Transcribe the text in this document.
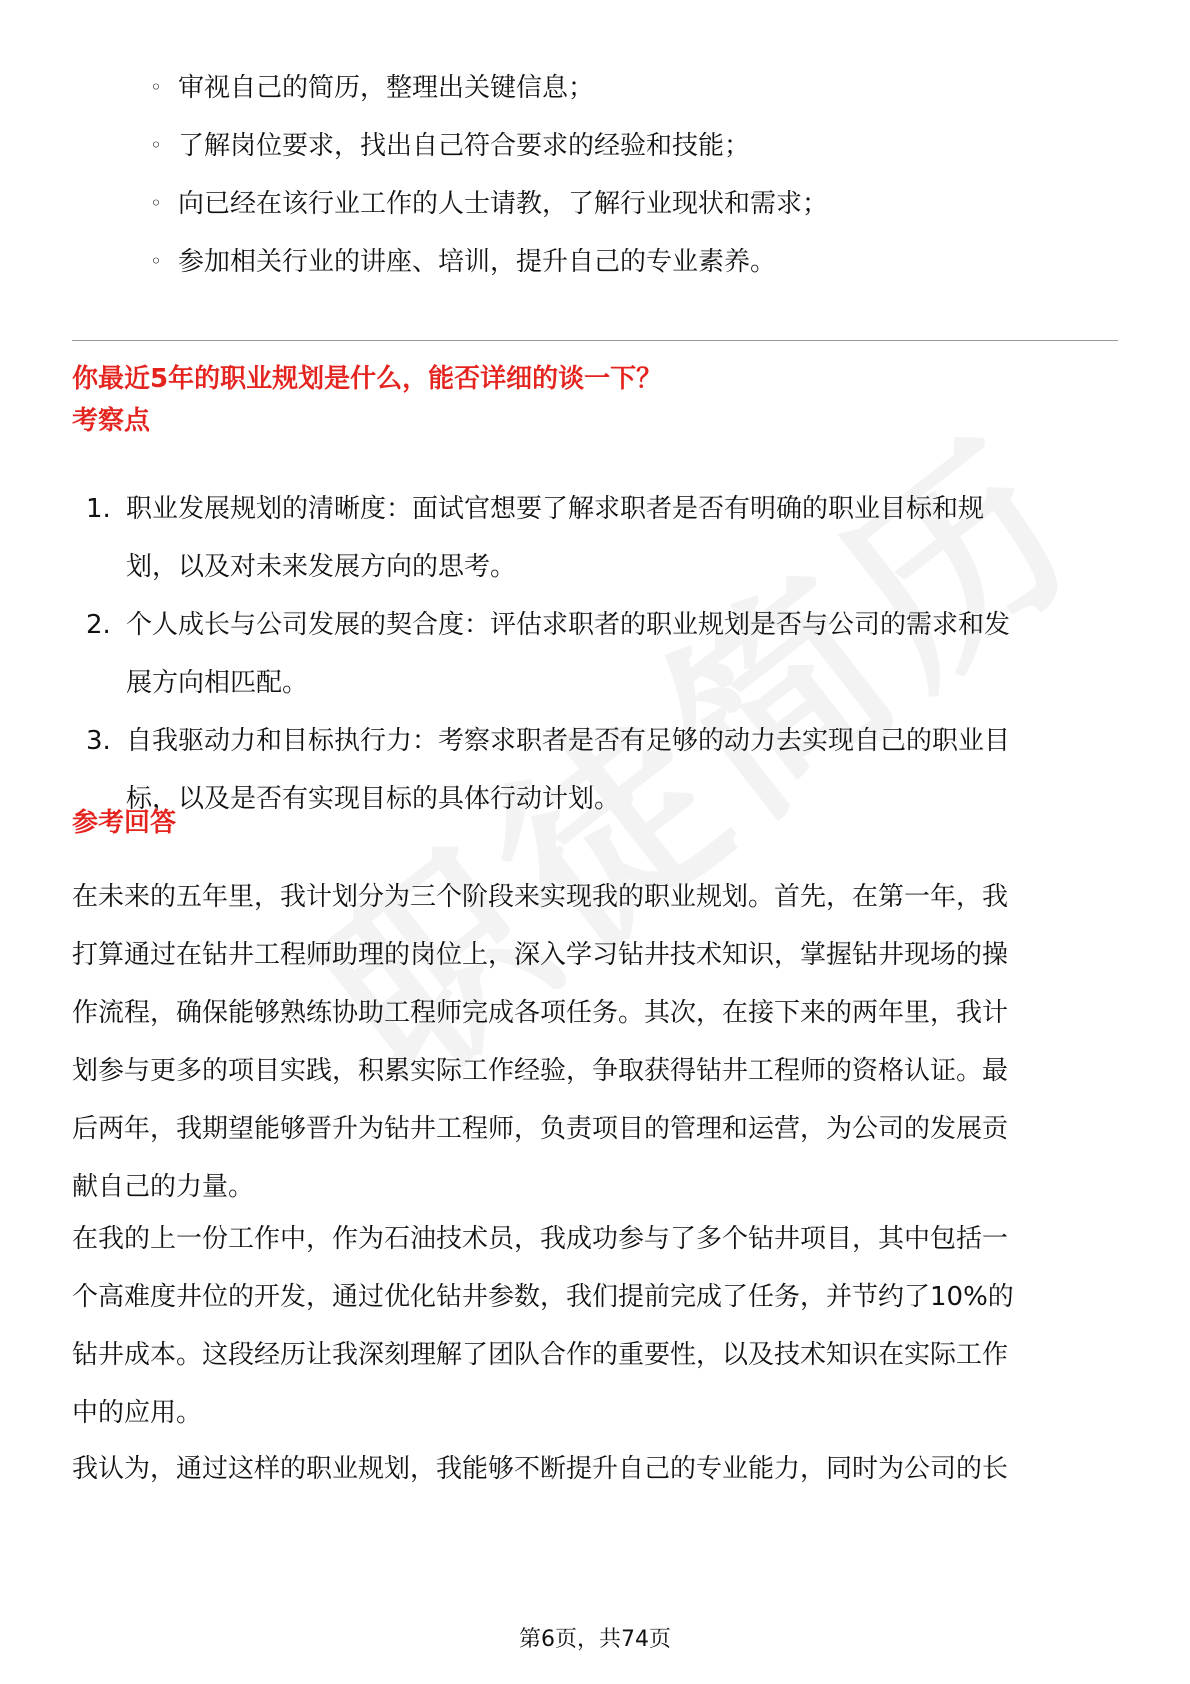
◦ 审视自己的简历，整理出关键信息；
◦ 了解岗位要求，找出自己符合要求的经验和技能；
◦ 向已经在该行业工作的人士请教，了解行业现状和需求；
◦ 参加相关行业的讲座、培训，提升自己的专业素养。
你最近5年的职业规划是什么，能否详细的谈一下？
考察点
1. 职业发展规划的清晰度：面试官想要了解求职者是否有明确的职业目标和规
划，以及对未来发展方向的思考。
2. 个人成长与公司发展的契合度：评估求职者的职业规划是否与公司的需求和发
展方向相匹配。
3. 自我驱动力和目标执行力：考察求职者是否有足够的动力去实现自己的职业目
标，以及是否有实现目标的具体行动计划。
参考回答
在未来的五年里，我计划分为三个阶段来实现我的职业规划。首先，在第一年，我
打算通过在钻井工程师助理的岗位上，深入学习钻井技术知识，掌握钻井现场的操
作流程，确保能够熟练协助工程师完成各项任务。其次，在接下来的两年里，我计
划参与更多的项目实践，积累实际工作经验，争取获得钻井工程师的资格认证。最
后两年，我期望能够晋升为钻井工程师，负责项目的管理和运营，为公司的发展贡
献自己的力量。
在我的上一份工作中，作为石油技术员，我成功参与了多个钻井项目，其中包括一
个高难度井位的开发，通过优化钻井参数，我们提前完成了任务，并节约了10%的
钻井成本。这段经历让我深刻理解了团队合作的重要性，以及技术知识在实际工作
中的应用。
我认为，通过这样的职业规划，我能够不断提升自己的专业能力，同时为公司的长
第6页，共74页
